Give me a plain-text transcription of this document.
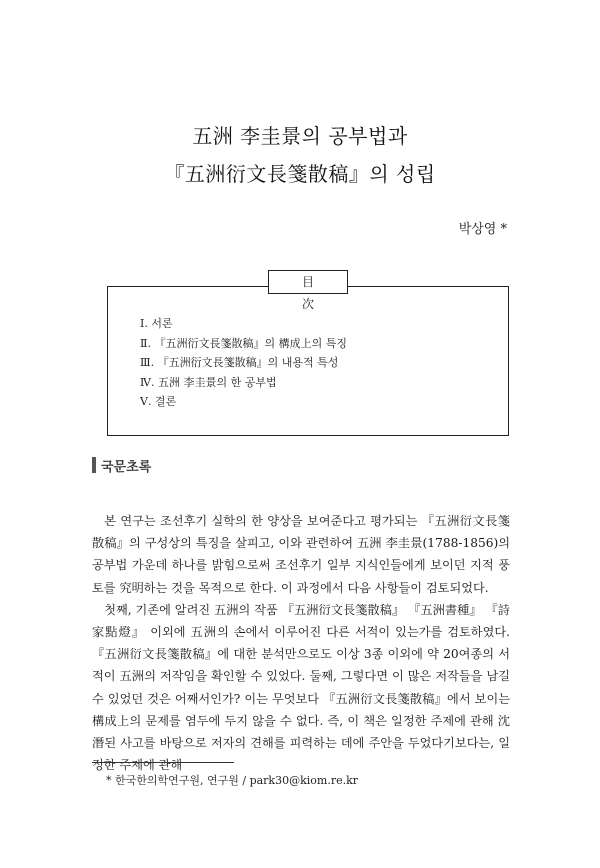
五洲 李圭景의 공부법과
『五洲衍文長箋散稿』의 성립
박상영 *
目 次
Ⅰ. 서론
Ⅱ. 『五洲衍文長箋散稿』의 構成上의 특징
Ⅲ. 『五洲衍文長箋散稿』의 내용적 특성
Ⅳ. 五洲 李圭景의 한 공부법
Ⅴ. 결론
국문초록

본 연구는 조선후기 실학의 한 양상을 보여준다고 평가되는 『五洲衍文長箋散稿』의 구성상의 특징을 살피고, 이와 관련하여 五洲 李圭景(1788-1856)의 공부법 가운데 하나를 밝힘으로써 조선후기 일부 지식인들에게 보이던 지적 풍토를 究明하는 것을 목적으로 한다. 이 과정에서 다음 사항들이 검토되었다.

첫째, 기존에 알려진 五洲의 작품 『五洲衍文長箋散稿』 『五洲書種』 『詩家點燈』 이외에 五洲의 손에서 이루어진 다른 서적이 있는가를 검토하였다. 『五洲衍文長箋散稿』에 대한 분석만으로도 이상 3종 이외에 약 20여종의 서적이 五洲의 저작임을 확인할 수 있었다. 둘째, 그렇다면 이 많은 저작들을 남길 수 있었던 것은 어째서인가? 이는 무엇보다 『五洲衍文長箋散稿』에서 보이는 構成上의 문제를 염두에 두지 않을 수 없다. 즉, 이 책은 일정한 주제에 관해 沈潛된 사고를 바탕으로 저자의 견해를 피력하는 데에 주안을 두었다기보다는, 일정한 주제에 관해

* 한국한의학연구원, 연구원 / park30@kiom.re.kr
